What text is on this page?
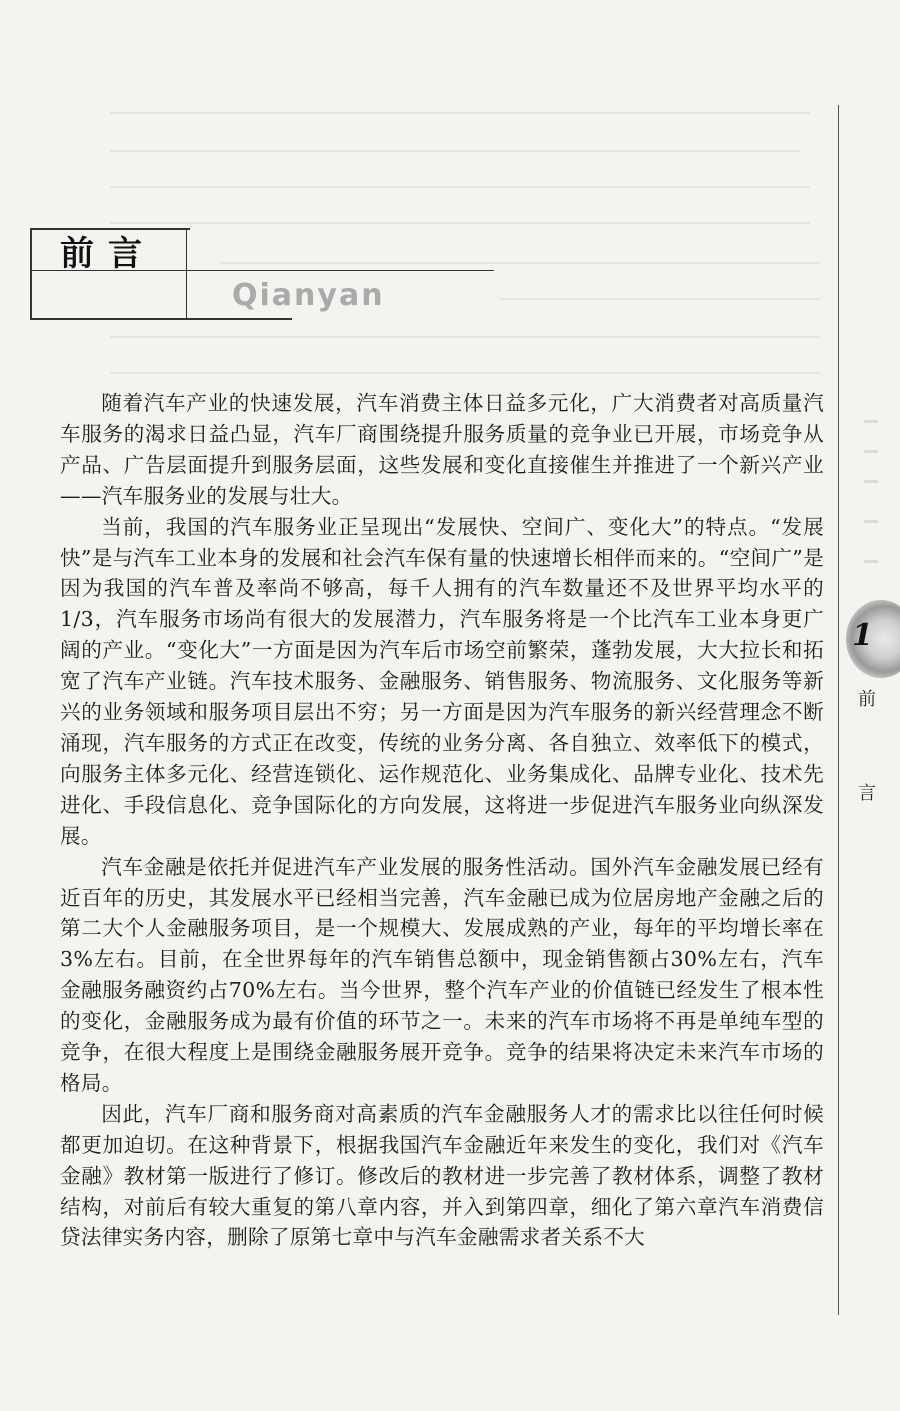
前言

Qianyan

随着汽车产业的快速发展，汽车消费主体日益多元化，广大消费者对高质量汽车服务的渴求日益凸显，汽车厂商围绕提升服务质量的竞争业已开展，市场竞争从产品、广告层面提升到服务层面，这些发展和变化直接催生并推进了一个新兴产业——汽车服务业的发展与壮大。

当前，我国的汽车服务业正呈现出“发展快、空间广、变化大”的特点。“发展快”是与汽车工业本身的发展和社会汽车保有量的快速增长相伴而来的。“空间广”是因为我国的汽车普及率尚不够高，每千人拥有的汽车数量还不及世界平均水平的1/3，汽车服务市场尚有很大的发展潜力，汽车服务将是一个比汽车工业本身更广阔的产业。“变化大”一方面是因为汽车后市场空前繁荣，蓬勃发展，大大拉长和拓宽了汽车产业链。汽车技术服务、金融服务、销售服务、物流服务、文化服务等新兴的业务领域和服务项目层出不穷；另一方面是因为汽车服务的新兴经营理念不断涌现，汽车服务的方式正在改变，传统的业务分离、各自独立、效率低下的模式，向服务主体多元化、经营连锁化、运作规范化、业务集成化、品牌专业化、技术先进化、手段信息化、竞争国际化的方向发展，这将进一步促进汽车服务业向纵深发展。

汽车金融是依托并促进汽车产业发展的服务性活动。国外汽车金融发展已经有近百年的历史，其发展水平已经相当完善，汽车金融已成为位居房地产金融之后的第二大个人金融服务项目，是一个规模大、发展成熟的产业，每年的平均增长率在3%左右。目前，在全世界每年的汽车销售总额中，现金销售额占30%左右，汽车金融服务融资约占70%左右。当今世界，整个汽车产业的价值链已经发生了根本性的变化，金融服务成为最有价值的环节之一。未来的汽车市场将不再是单纯车型的竞争，在很大程度上是围绕金融服务展开竞争。竞争的结果将决定未来汽车市场的格局。

因此，汽车厂商和服务商对高素质的汽车金融服务人才的需求比以往任何时候都更加迫切。在这种背景下，根据我国汽车金融近年来发生的变化，我们对《汽车金融》教材第一版进行了修订。修改后的教材进一步完善了教材体系，调整了教材结构，对前后有较大重复的第八章内容，并入到第四章，细化了第六章汽车消费信贷法律实务内容，删除了原第七章中与汽车金融需求者关系不大

1

前
言
